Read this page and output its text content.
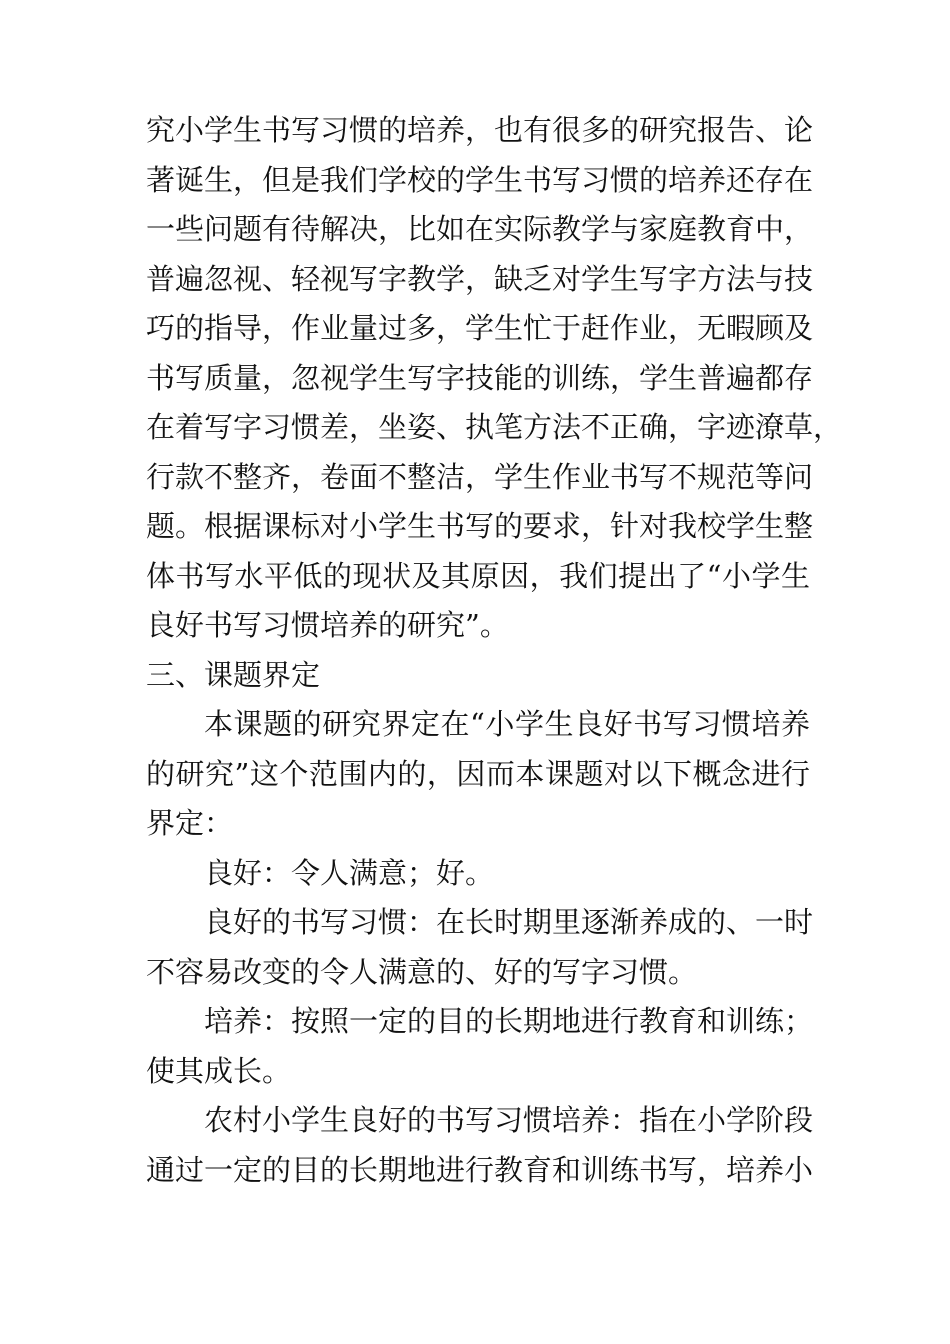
究小学生书写习惯的培养，也有很多的研究报告、论
著诞生，但是我们学校的学生书写习惯的培养还存在
一些问题有待解决，比如在实际教学与家庭教育中，
普遍忽视、轻视写字教学，缺乏对学生写字方法与技
巧的指导，作业量过多，学生忙于赶作业，无暇顾及
书写质量，忽视学生写字技能的训练，学生普遍都存
在着写字习惯差，坐姿、执笔方法不正确，字迹潦草，
行款不整齐，卷面不整洁，学生作业书写不规范等问
题。根据课标对小学生书写的要求，针对我校学生整
体书写水平低的现状及其原因，我们提出了“小学生
良好书写习惯培养的研究”。
三、课题界定
本课题的研究界定在“小学生良好书写习惯培养
的研究”这个范围内的，因而本课题对以下概念进行
界定：
良好：令人满意；好。
良好的书写习惯：在长时期里逐渐养成的、一时
不容易改变的令人满意的、好的写字习惯。
培养：按照一定的目的长期地进行教育和训练；
使其成长。
农村小学生良好的书写习惯培养：指在小学阶段
通过一定的目的长期地进行教育和训练书写，培养小
